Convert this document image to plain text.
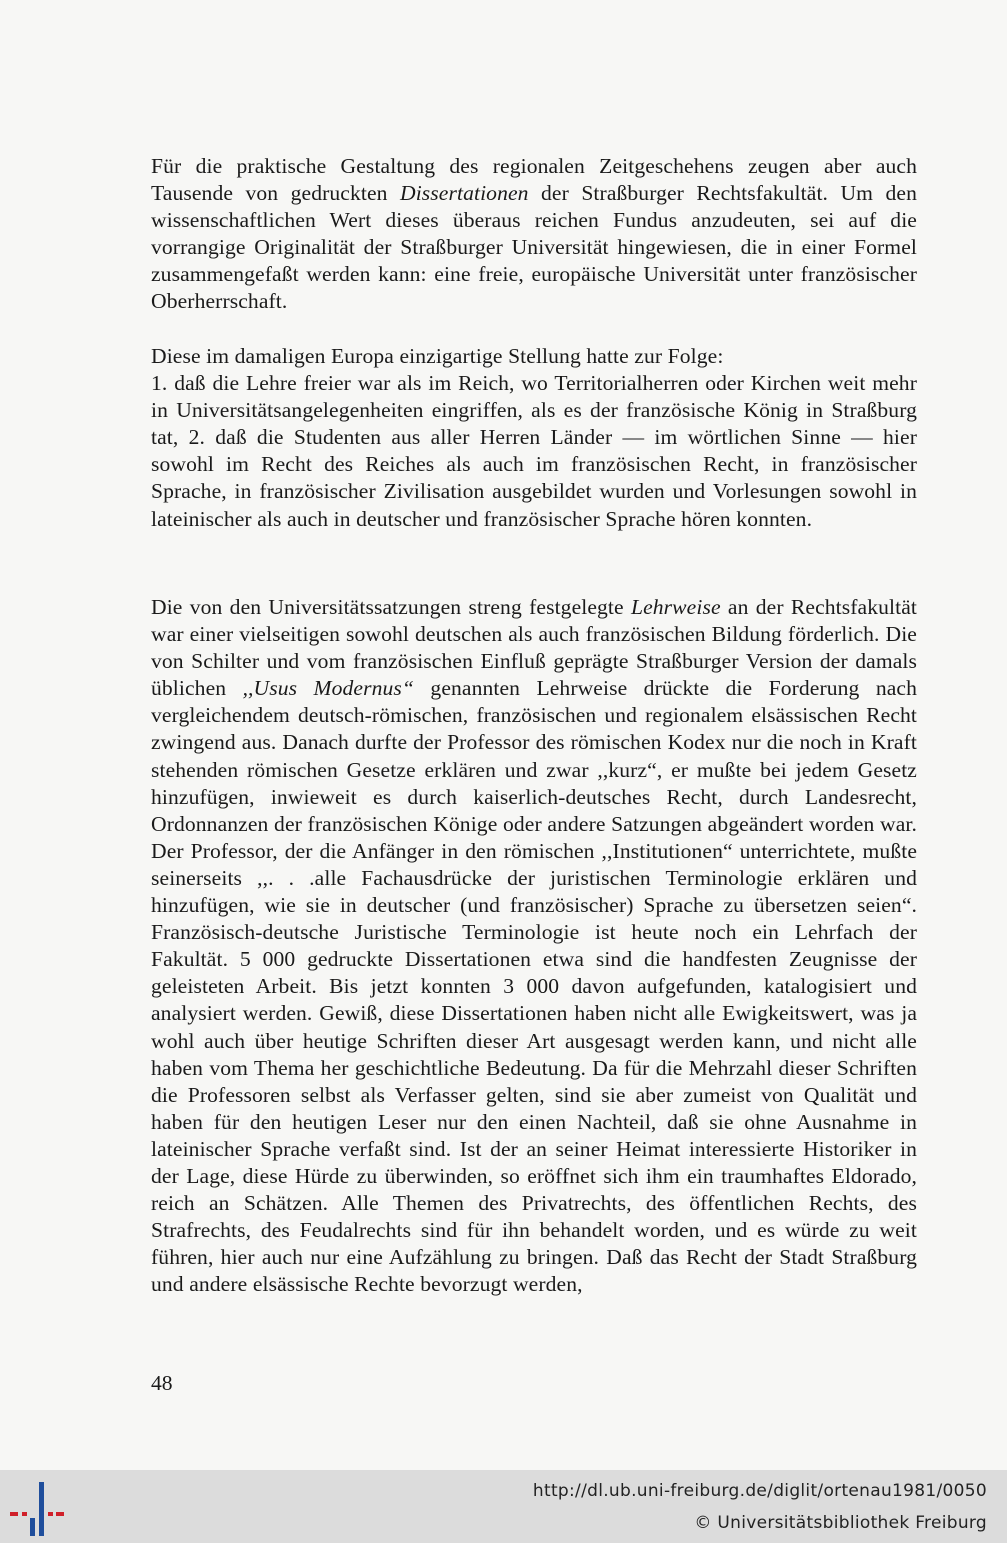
Für die praktische Gestaltung des regionalen Zeitgeschehens zeugen aber auch Tausende von gedruckten Dissertationen der Straßburger Rechtsfakultät. Um den wissenschaftlichen Wert dieses überaus reichen Fundus anzudeuten, sei auf die vorrangige Originalität der Straßburger Universität hingewiesen, die in einer Formel zusammengefaßt werden kann: eine freie, europäische Universität unter französischer Oberherrschaft.

Diese im damaligen Europa einzigartige Stellung hatte zur Folge:
1. daß die Lehre freier war als im Reich, wo Territorialherren oder Kirchen weit mehr in Universitätsangelegenheiten eingriffen, als es der französische König in Straßburg tat, 2. daß die Studenten aus aller Herren Länder — im wörtlichen Sinne — hier sowohl im Recht des Reiches als auch im französischen Recht, in französischer Sprache, in französischer Zivilisation ausgebildet wurden und Vorlesungen sowohl in lateinischer als auch in deutscher und französischer Sprache hören konnten.

Die von den Universitätssatzungen streng festgelegte Lehrweise an der Rechtsfakultät war einer vielseitigen sowohl deutschen als auch französischen Bildung förderlich. Die von Schilter und vom französischen Einfluß geprägte Straßburger Version der damals üblichen ,,Usus Modernus“ genannten Lehrweise drückte die Forderung nach vergleichendem deutsch-römischen, französischen und regionalem elsässischen Recht zwingend aus. Danach durfte der Professor des römischen Kodex nur die noch in Kraft stehenden römischen Gesetze erklären und zwar ,,kurz“, er mußte bei jedem Gesetz hinzufügen, inwieweit es durch kaiserlich-deutsches Recht, durch Landesrecht, Ordonnanzen der französischen Könige oder andere Satzungen abgeändert worden war. Der Professor, der die Anfänger in den römischen ,,Institutionen“ unterrichtete, mußte seinerseits ,,. . .alle Fachausdrücke der juristischen Terminologie erklären und hinzufügen, wie sie in deutscher (und französischer) Sprache zu übersetzen seien“. Französisch-deutsche Juristische Terminologie ist heute noch ein Lehrfach der Fakultät. 5 000 gedruckte Dissertationen etwa sind die handfesten Zeugnisse der geleisteten Arbeit. Bis jetzt konnten 3 000 davon aufgefunden, katalogisiert und analysiert werden. Gewiß, diese Dissertationen haben nicht alle Ewigkeitswert, was ja wohl auch über heutige Schriften dieser Art ausgesagt werden kann, und nicht alle haben vom Thema her geschichtliche Bedeutung. Da für die Mehrzahl dieser Schriften die Professoren selbst als Verfasser gelten, sind sie aber zumeist von Qualität und haben für den heutigen Leser nur den einen Nachteil, daß sie ohne Ausnahme in lateinischer Sprache verfaßt sind. Ist der an seiner Heimat interessierte Historiker in der Lage, diese Hürde zu überwinden, so eröffnet sich ihm ein traumhaftes Eldorado, reich an Schätzen. Alle Themen des Privatrechts, des öffentlichen Rechts, des Strafrechts, des Feudalrechts sind für ihn behandelt worden, und es würde zu weit führen, hier auch nur eine Aufzählung zu bringen. Daß das Recht der Stadt Straßburg und andere elsässische Rechte bevorzugt werden,

48
http://dl.ub.uni-freiburg.de/diglit/ortenau1981/0050
© Universitätsbibliothek Freiburg
